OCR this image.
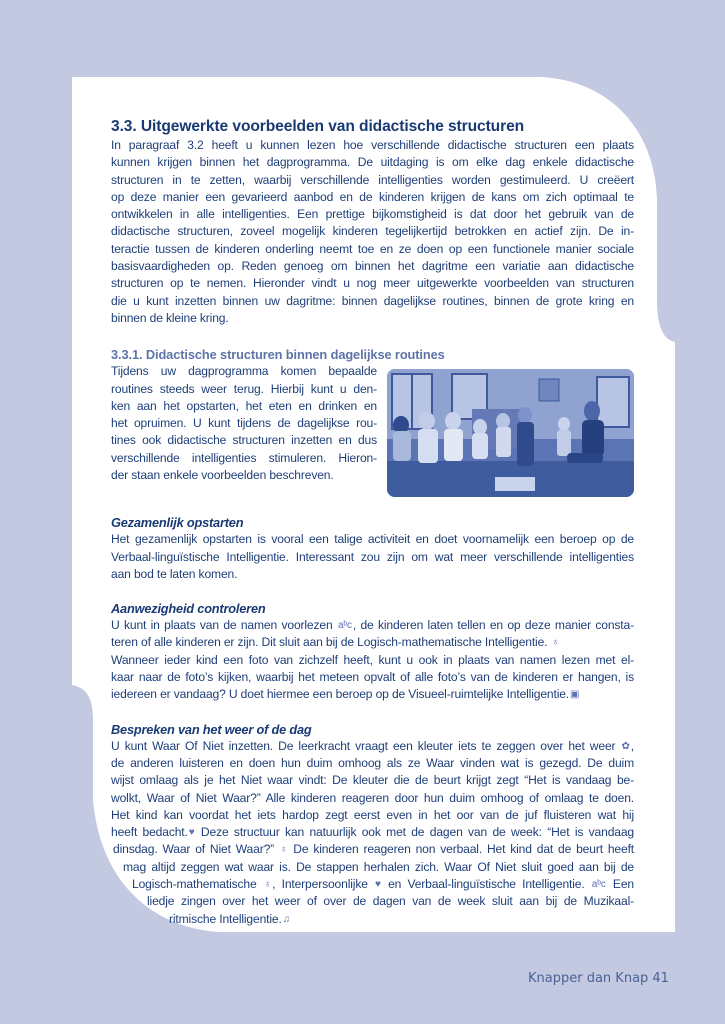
3.3. Uitgewerkte voorbeelden van didactische structuren
In paragraaf 3.2 heeft u kunnen lezen hoe verschillende didactische structuren een plaats
kunnen krijgen binnen het dagprogramma. De uitdaging is om elke dag enkele didactische
structuren in te zetten, waarbij verschillende intelligenties worden gestimuleerd. U creëert
op deze manier een gevarieerd aanbod en de kinderen krijgen de kans om zich optimaal te
ontwikkelen in alle intelligenties. Een prettige bijkomstigheid is dat door het gebruik van de
didactische structuren, zoveel mogelijk kinderen tegelijkertijd betrokken en actief zijn. De in-
teractie tussen de kinderen onderling neemt toe en ze doen op een functionele manier sociale
basisvaardigheden op. Reden genoeg om binnen het dagritme een variatie aan didactische
structuren op te nemen. Hieronder vindt u nog meer uitgewerkte voorbeelden van structuren
die u kunt inzetten binnen uw dagritme: binnen dagelijkse routines, binnen de grote kring en
binnen de kleine kring.
3.3.1. Didactische structuren binnen dagelijkse routines
Tijdens uw dagprogramma komen bepaalde
routines steeds weer terug. Hierbij kunt u den-
ken aan het opstarten, het eten en drinken en
het opruimen. U kunt tijdens de dagelijkse rou-
tines ook didactische structuren inzetten en dus
verschillende intelligenties stimuleren. Hieron-
der staan enkele voorbeelden beschreven.
Gezamenlijk opstarten
Het gezamenlijk opstarten is vooral een talige activiteit en doet voornamelijk een beroep op de
Verbaal-linguïstische Intelligentie. Interessant zou zijn om wat meer verschillende intelligenties
aan bod te laten komen.
Aanwezigheid controleren
U kunt in plaats van de namen voorlezen aᵇc, de kinderen laten tellen en op deze manier consta-
teren of alle kinderen er zijn. Dit sluit aan bij de Logisch-mathematische Intelligentie. ♁
Wanneer ieder kind een foto van zichzelf heeft, kunt u ook in plaats van namen lezen met el-
kaar naar de foto’s kijken, waarbij het meteen opvalt of alle foto’s van de kinderen er hangen, is
iedereen er vandaag? U doet hiermee een beroep op de Visueel-ruimtelijke Intelligentie.▣
Bespreken van het weer of de dag
U kunt Waar Of Niet inzetten. De leerkracht vraagt een kleuter iets te zeggen over het weer ✿,
de anderen luisteren en doen hun duim omhoog als ze Waar vinden wat is gezegd. De duim
wijst omlaag als je het Niet waar vindt: De kleuter die de beurt krijgt zegt “Het is vandaag be-
wolkt, Waar of Niet Waar?” Alle kinderen reageren door hun duim omhoog of omlaag te doen.
Het kind kan voordat het iets hardop zegt eerst even in het oor van de juf fluisteren wat hij
heeft bedacht.♥ Deze structuur kan natuurlijk ook met de dagen van de week: “Het is vandaag
dinsdag. Waar of Niet Waar?” ♁ De kinderen reageren non verbaal. Het kind dat de beurt heeft
mag altijd zeggen wat waar is. De stappen herhalen zich. Waar Of Niet sluit goed aan bij de
Logisch-mathematische ♁, Interpersoonlijke ♥ en Verbaal-linguïstische Intelligentie. aᵇc Een
liedje zingen over het weer of over de dagen van de week sluit aan bij de Muzikaal-
ritmische Intelligentie.♫
Knapper dan Knap 41
